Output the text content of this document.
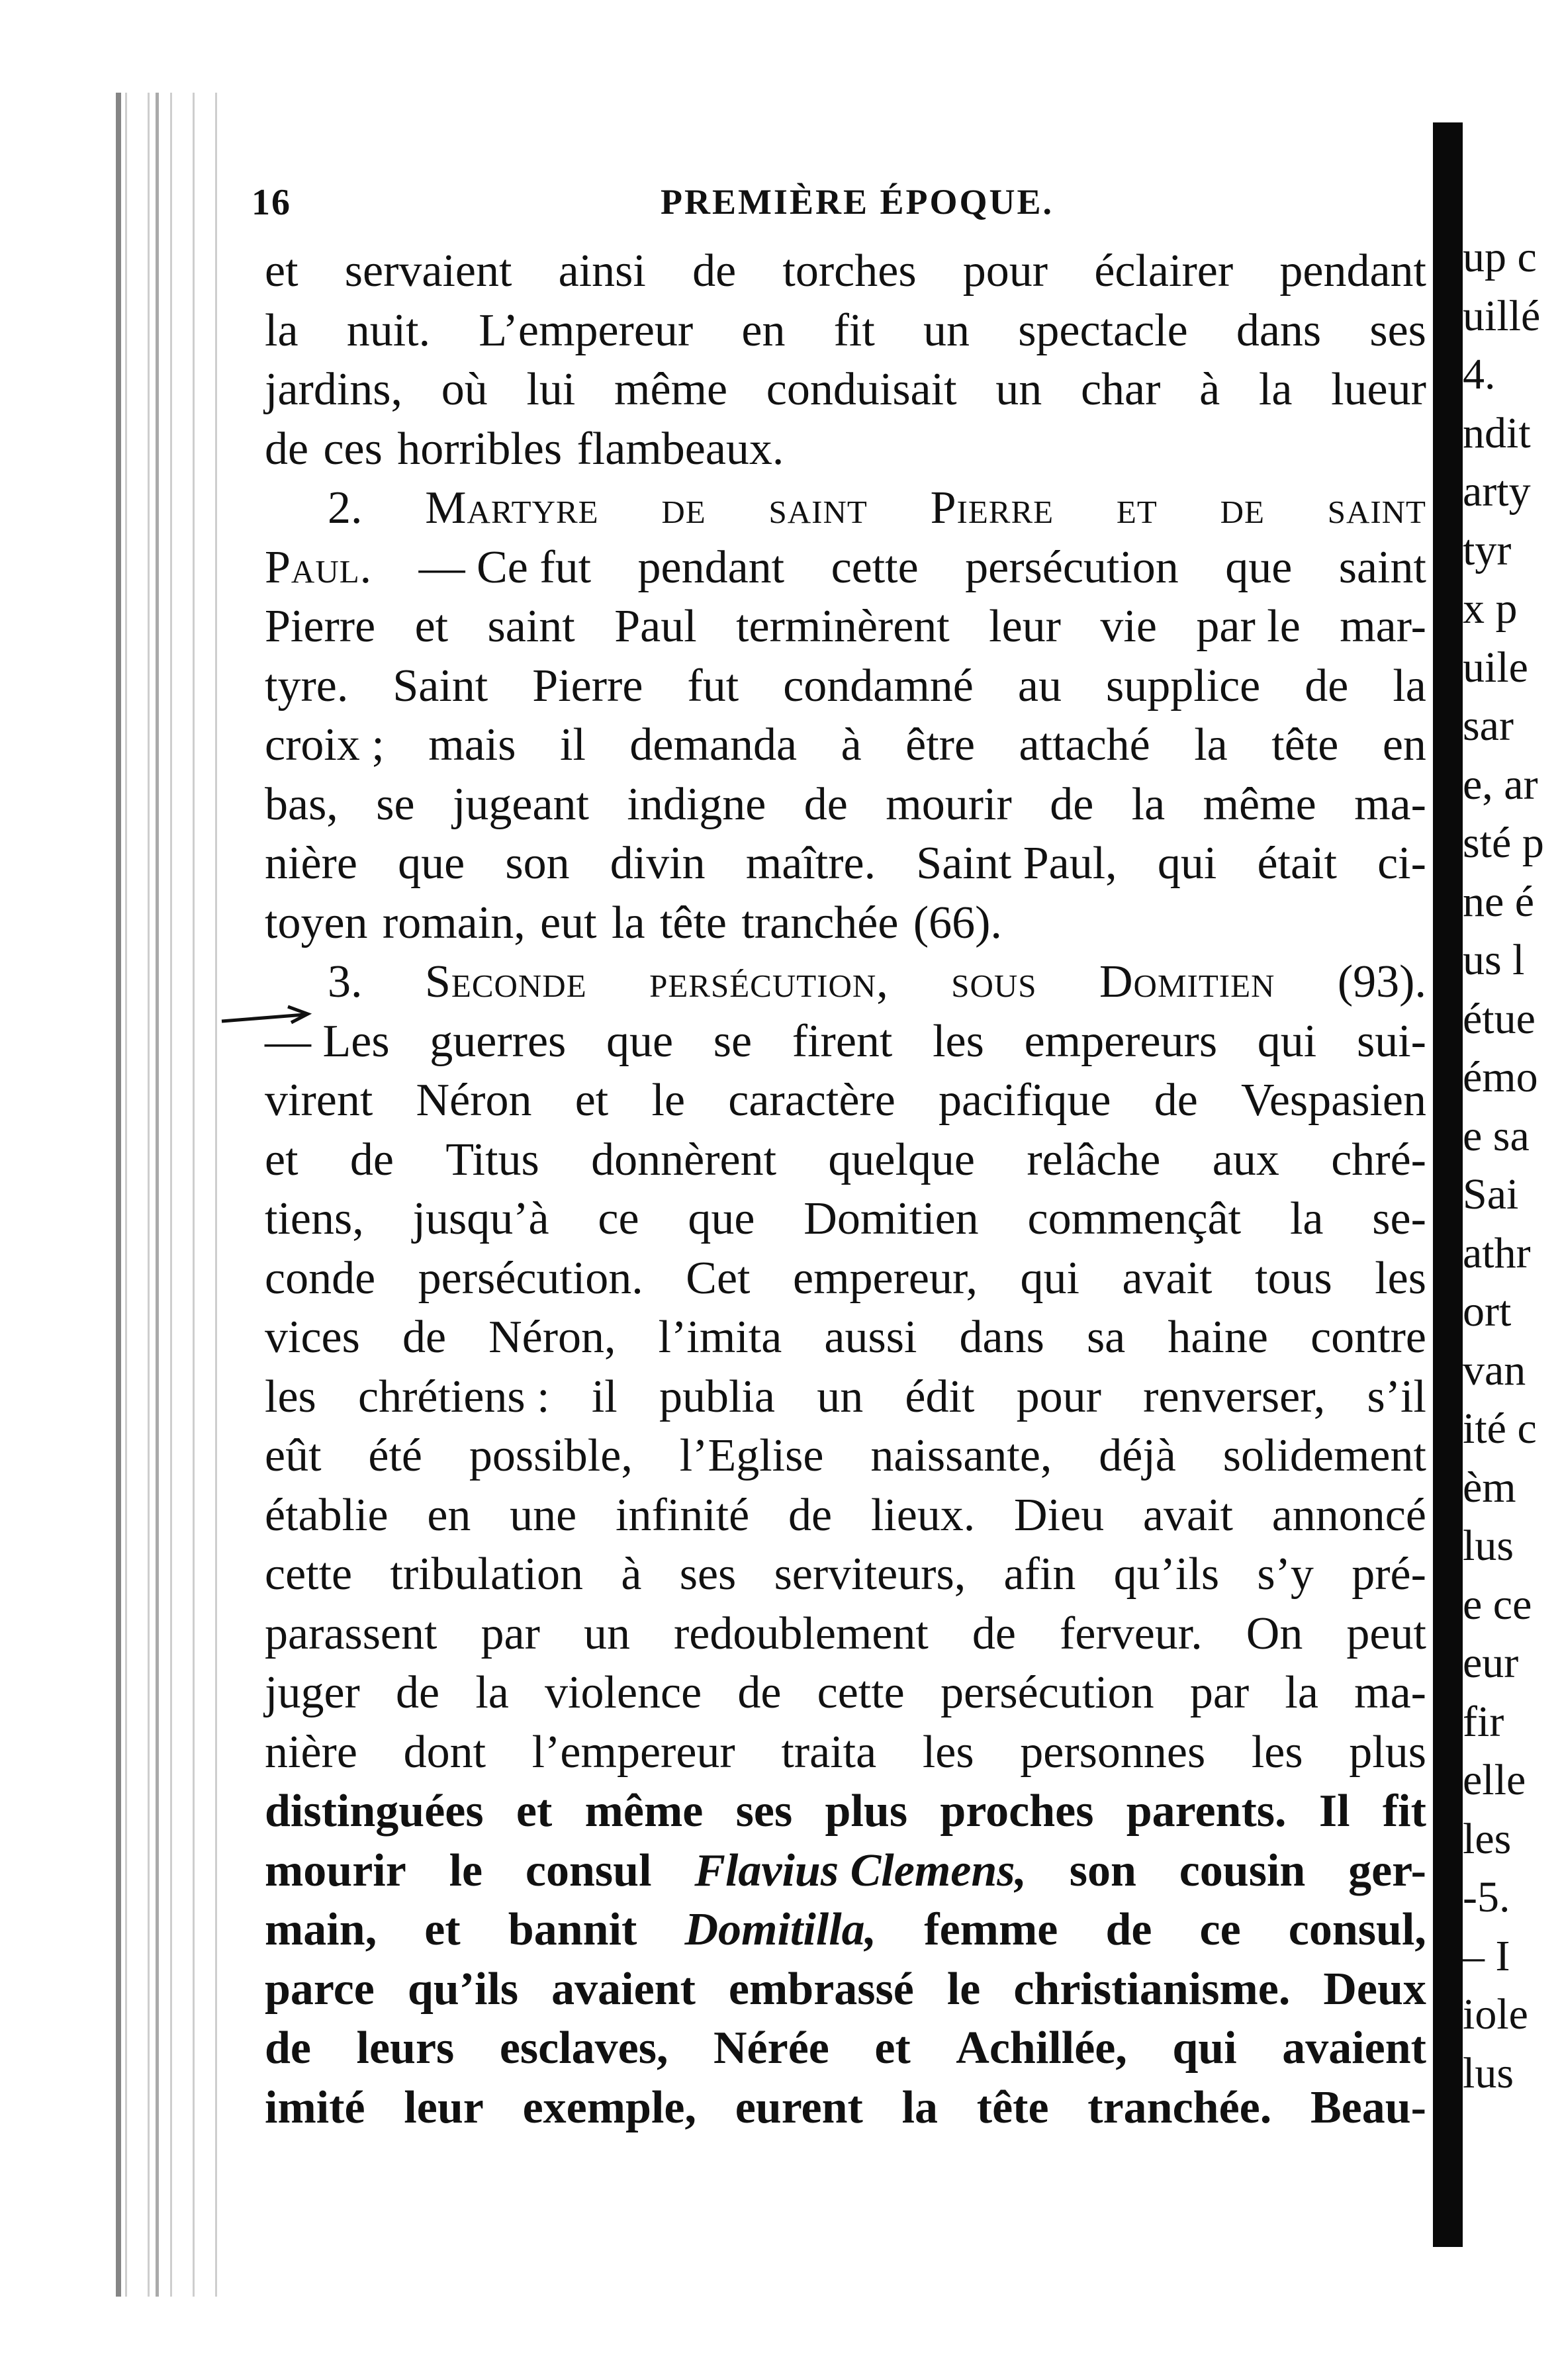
up c
uillé
4.
ndit
arty
tyr
x p
uile
sar
e, ar
sté p
ne é
us l
étue
émo
e sa
Sai
athr
ort
van
ité c
èm
lus
e ce
eur
fir
elle
les
-5.
– I
iole
lus
16	PREMIÈRE ÉPOQUE.
et servaient ainsi de torches pour éclairer pendant
la nuit. L’empereur en fit un spectacle dans ses
jardins, où lui même conduisait un char à la lueur
de ces horribles flambeaux.
2. Martyre de saint Pierre et de saint
Paul. — Ce fut pendant cette persécution que saint
Pierre et saint Paul terminèrent leur vie par le mar-
tyre. Saint Pierre fut condamné au supplice de la
croix ; mais il demanda à être attaché la tête en
bas, se jugeant indigne de mourir de la même ma-
nière que son divin maître. Saint Paul, qui était ci-
toyen romain, eut la tête tranchée (66).
3. Seconde persécution, sous Domitien (93).
— Les guerres que se firent les empereurs qui sui-
virent Néron et le caractère pacifique de Vespasien
et de Titus donnèrent quelque relâche aux chré-
tiens, jusqu’à ce que Domitien commençât la se-
conde persécution. Cet empereur, qui avait tous les
vices de Néron, l’imita aussi dans sa haine contre
les chrétiens : il publia un édit pour renverser, s’il
eût été possible, l’Eglise naissante, déjà solidement
établie en une infinité de lieux. Dieu avait annoncé
cette tribulation à ses serviteurs, afin qu’ils s’y pré-
parassent par un redoublement de ferveur. On peut
juger de la violence de cette persécution par la ma-
nière dont l’empereur traita les personnes les plus
distinguées et même ses plus proches parents. Il fit
mourir le consul Flavius Clemens, son cousin ger-
main, et bannit Domitilla, femme de ce consul,
parce qu’ils avaient embrassé le christianisme. Deux
de leurs esclaves, Nérée et Achillée, qui avaient
imité leur exemple, eurent la tête tranchée. Beau-
